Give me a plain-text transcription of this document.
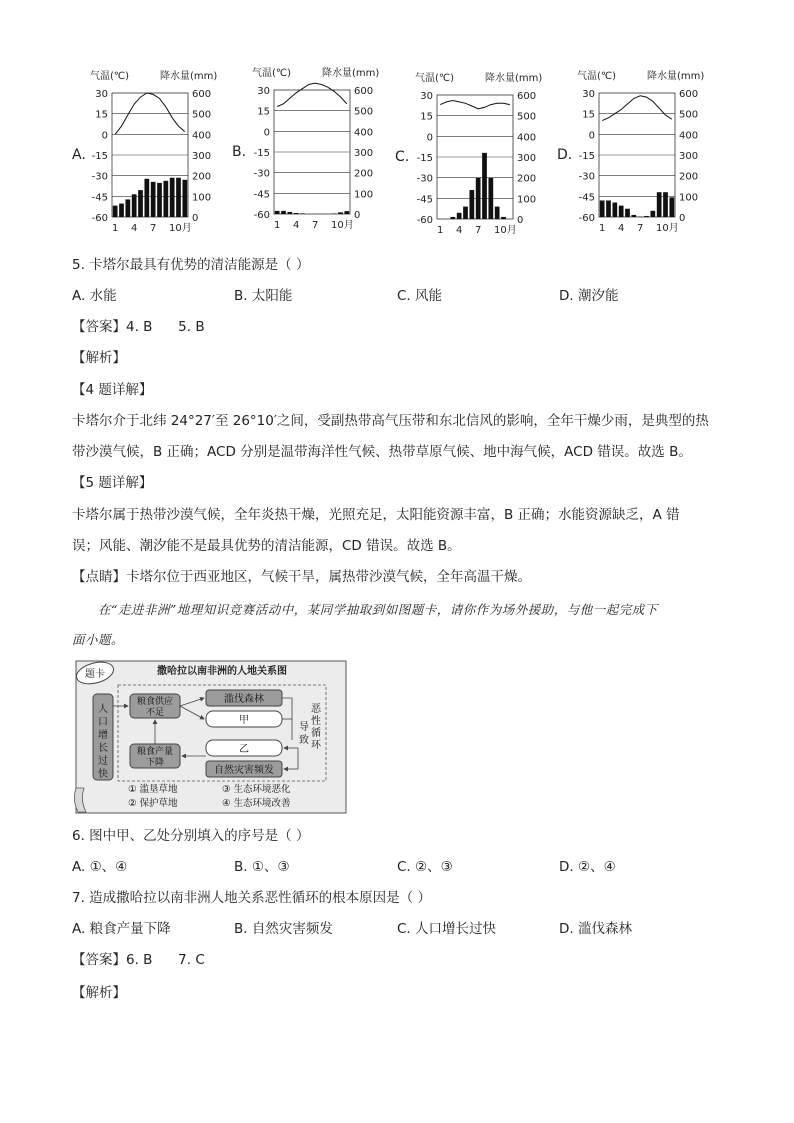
A.
气温(℃)	降水量(mm)
30	600
15	500
0	400
-15	300
-30	200
-45	100
-60	0
1 4 7 10月
B.
气温(℃)	降水量(mm)
30	600
15	500
0	400
-15	300
-30	200
-45	100
-60	0
1 4 7 10月
C.
气温(℃)	降水量(mm)
30	600
15	500
0	400
-15	300
-30	200
-45	100
-60	0
1 4 7 10月
D.
气温(℃)	降水量(mm)
30	600
15	500
0	400
-15	300
-30	200
-45	100
-60	0
1 4 7 10月
5. 卡塔尔最具有优势的清洁能源是（ ）
A. 水能	B. 太阳能	C. 风能	D. 潮汐能
【答案】4. B      5. B
【解析】
【4 题详解】
卡塔尔介于北纬 24°27′至 26°10′之间，受副热带高气压带和东北信风的影响，全年干燥少雨，是典型的热
带沙漠气候，B 正确；ACD 分别是温带海洋性气候、热带草原气候、地中海气候，ACD 错误。故选 B。
【5 题详解】
卡塔尔属于热带沙漠气候，全年炎热干燥，光照充足，太阳能资源丰富，B 正确；水能资源缺乏，A 错
误；风能、潮汐能不是最具优势的清洁能源，CD 错误。故选 B。
【点睛】卡塔尔位于西亚地区，气候干旱，属热带沙漠气候，全年高温干燥。
在“走进非洲”地理知识竞赛活动中，某同学抽取到如图题卡，请你作为场外援助，与他一起完成下
面小题。
题卡	撒哈拉以南非洲的人地关系图
人口增长过快
粮食供应不足
粮食产量下降
滥伐森林
甲
乙
自然灾害频发
导致
恶性循环
① 滥垦草地
② 保护草地
③ 生态环境恶化
④ 生态环境改善
6. 图中甲、乙处分别填入的序号是（ ）
A. ①、④	B. ①、③	C. ②、③	D. ②、④
7. 造成撒哈拉以南非洲人地关系恶性循环的根本原因是（ ）
A. 粮食产量下降	B. 自然灾害频发	C. 人口增长过快	D. 滥伐森林
【答案】6. B      7. C
【解析】
